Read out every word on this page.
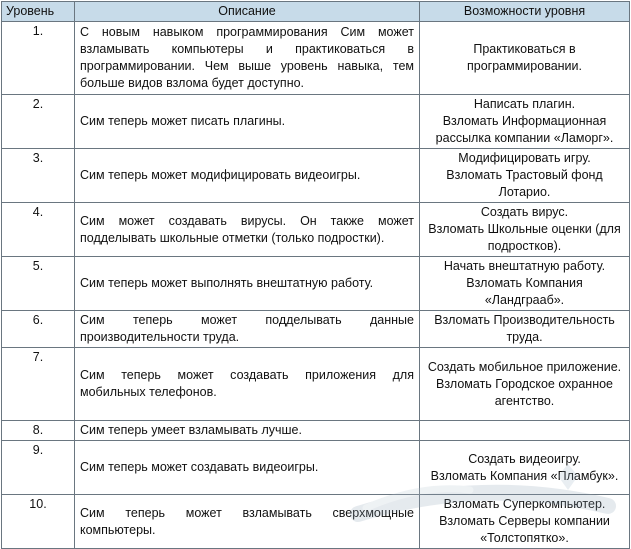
Уровень	Описание	Возможности уровня
1.	С новым навыком программирования Сим может взламывать компьютеры и практиковаться в программировании. Чем выше уровень навыка, тем больше видов взлома будет доступно.	Практиковаться в программировании.

2.	Сим теперь может писать плагины.	Написать плагин.
Взломать Информационная рассылка компании «Ламорг».

3.	Сим теперь может модифицировать видеоигры.	Модифицировать игру.
Взломать Трастовый фонд Лотарио.

4.	Сим может создавать вирусы. Он также может подделывать школьные отметки (только подростки).	Создать вирус.
Взломать Школьные оценки (для подростков).

5.	Сим теперь может выполнять внештатную работу.	Начать внештатную работу.
Взломать Компания «Ландграаб».

6.	Сим теперь может подделывать данные производительности труда.	Взломать Производительность труда.

7.	Сим теперь может создавать приложения для мобильных телефонов.	Создать мобильное приложение.
Взломать Городское охранное агентство.

8.	Сим теперь умеет взламывать лучше.	
9.	Сим теперь может создавать видеоигры.	Создать видеоигру.
Взломать Компания «Пламбук».

10.	Сим теперь может взламывать сверхмощные компьютеры.	Взломать Суперкомпьютер.
Взломать Серверы компании «Толстопятко».
